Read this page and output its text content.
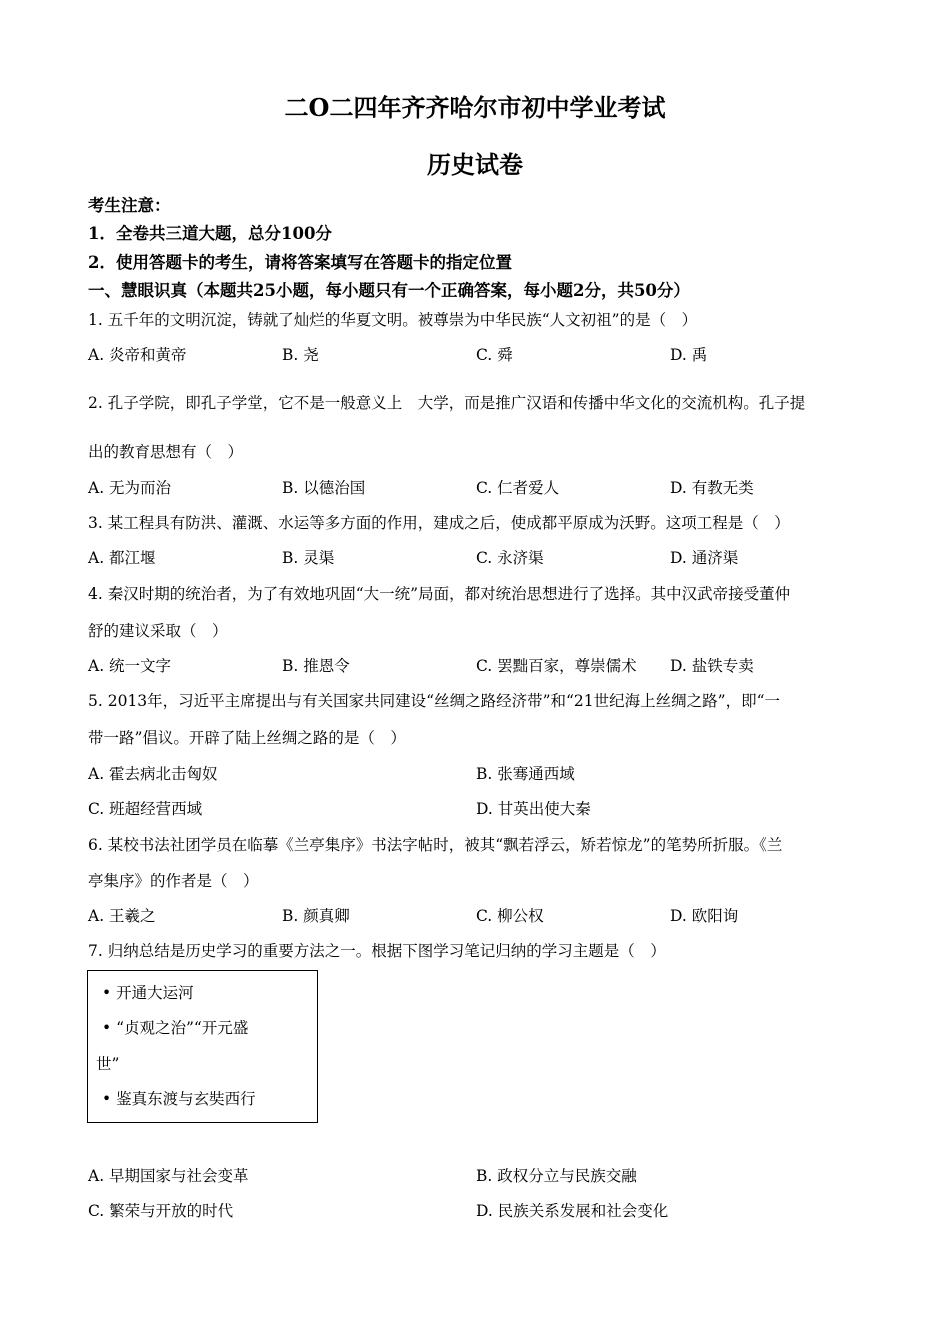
二O二四年齐齐哈尔市初中学业考试
历史试卷
考生注意：
1．全卷共三道大题，总分100分
2．使用答题卡的考生，请将答案填写在答题卡的指定位置
一、慧眼识真（本题共25小题，每小题只有一个正确答案，每小题2分，共50分）
1. 五千年的文明沉淀，铸就了灿烂的华夏文明。被尊崇为中华民族“人文初祖”的是（　）
A. 炎帝和黄帝	B. 尧	C. 舜	D. 禹
2. 孔子学院，即孔子学堂，它不是一般意义上　大学，而是推广汉语和传播中华文化的交流机构。孔子提
出的教育思想有（　）
A. 无为而治	B. 以德治国	C. 仁者爱人	D. 有教无类
3. 某工程具有防洪、灌溉、水运等多方面的作用，建成之后，使成都平原成为沃野。这项工程是（　）
A. 都江堰	B. 灵渠	C. 永济渠	D. 通济渠
4. 秦汉时期的统治者，为了有效地巩固“大一统”局面，都对统治思想进行了选择。其中汉武帝接受董仲
舒的建议采取（　）
A. 统一文字	B. 推恩令	C. 罢黜百家，尊崇儒术 D. 盐铁专卖
5. 2013年，习近平主席提出与有关国家共同建设“丝绸之路经济带”和“21世纪海上丝绸之路”，即“一
带一路”倡议。开辟了陆上丝绸之路的是（　）
A. 霍去病北击匈奴	B. 张骞通西域
C. 班超经营西域	D. 甘英出使大秦
6. 某校书法社团学员在临摹《兰亭集序》书法字帖时，被其“飘若浮云，矫若惊龙”的笔势所折服。《兰
亭集序》的作者是（　）
A. 王羲之	B. 颜真卿	C. 柳公权	D. 欧阳询
7. 归纳总结是历史学习的重要方法之一。根据下图学习笔记归纳的学习主题是（　）
• 开通大运河
• “贞观之治”“开元盛
世”
• 鉴真东渡与玄奘西行
A. 早期国家与社会变革	B. 政权分立与民族交融
C. 繁荣与开放的时代	D. 民族关系发展和社会变化
